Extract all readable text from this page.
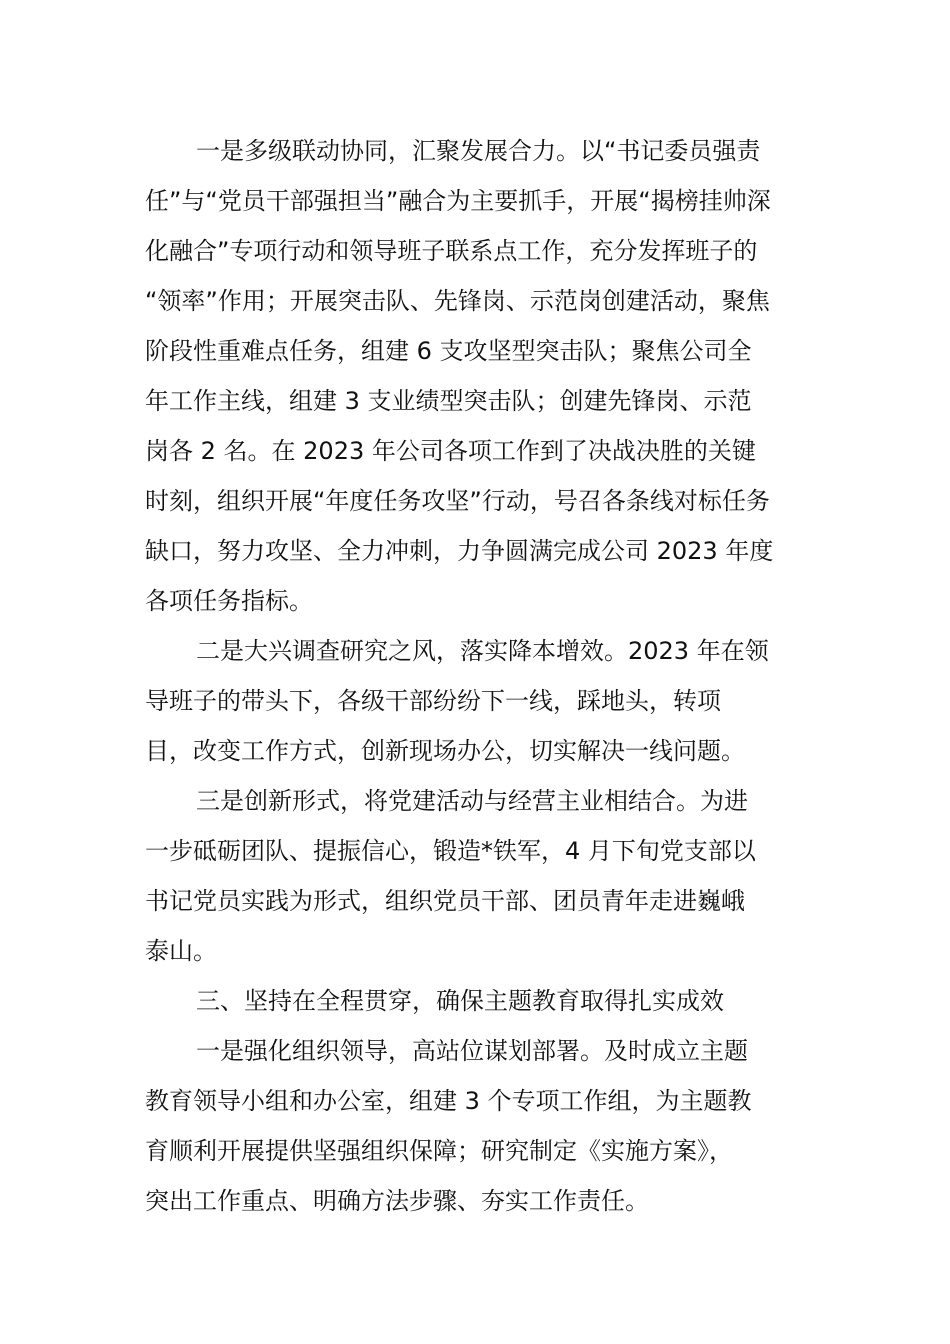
一是多级联动协同，汇聚发展合力。以“书记委员强责
任”与“党员干部强担当”融合为主要抓手，开展“揭榜挂帅深
化融合”专项行动和领导班子联系点工作，充分发挥班子的
“领率”作用；开展突击队、先锋岗、示范岗创建活动，聚焦
阶段性重难点任务，组建 6 支攻坚型突击队；聚焦公司全
年工作主线，组建 3 支业绩型突击队；创建先锋岗、示范
岗各 2 名。在 2023 年公司各项工作到了决战决胜的关键
时刻，组织开展“年度任务攻坚”行动，号召各条线对标任务
缺口，努力攻坚、全力冲刺，力争圆满完成公司 2023 年度
各项任务指标。
二是大兴调查研究之风，落实降本增效。2023 年在领
导班子的带头下，各级干部纷纷下一线，踩地头，转项
目，改变工作方式，创新现场办公，切实解决一线问题。
三是创新形式，将党建活动与经营主业相结合。为进
一步砥砺团队、提振信心，锻造*铁军，4 月下旬党支部以
书记党员实践为形式，组织党员干部、团员青年走进巍峨
泰山。
三、坚持在全程贯穿，确保主题教育取得扎实成效
一是强化组织领导，高站位谋划部署。及时成立主题
教育领导小组和办公室，组建 3 个专项工作组，为主题教
育顺利开展提供坚强组织保障；研究制定《实施方案》，
突出工作重点、明确方法步骤、夯实工作责任。
